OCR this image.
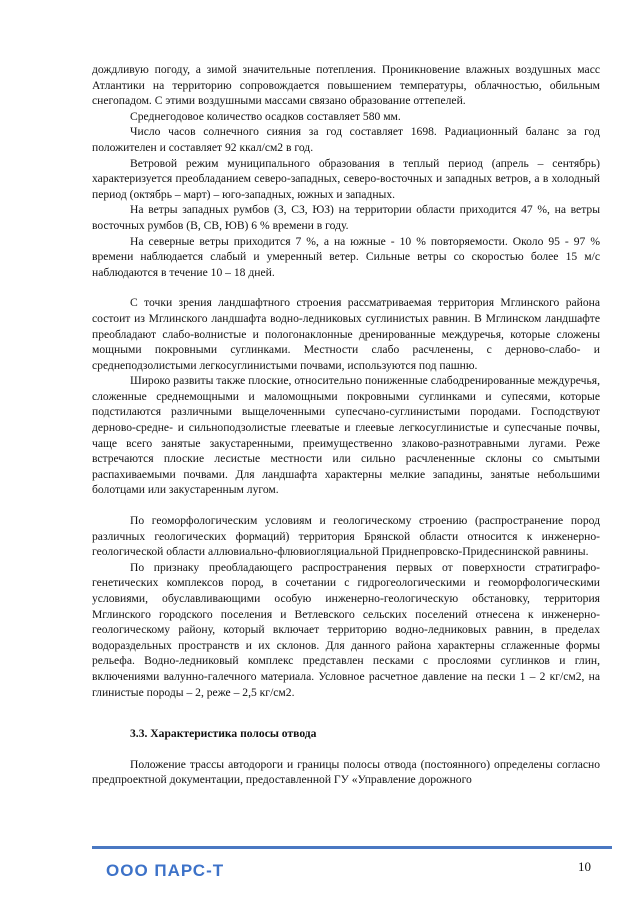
дождливую погоду, а зимой значительные потепления. Проникновение влажных воздушных масс Атлантики на территорию сопровождается повышением температуры, облачностью, обильным снегопадом. С этими воздушными массами связано образование оттепелей.

Среднегодовое количество осадков составляет 580 мм.

Число часов солнечного сияния за год составляет 1698. Радиационный баланс за год положителен и составляет 92 ккал/см2 в год.

Ветровой режим муниципального образования в теплый период (апрель – сентябрь) характеризуется преобладанием северо-западных, северо-восточных и западных ветров, а в холодный период (октябрь – март) – юго-западных, южных и западных.

На ветры западных румбов (З, СЗ, ЮЗ) на территории области приходится 47 %, на ветры восточных румбов (В, СВ, ЮВ) 6 % времени в году.

На северные ветры приходится 7 %, а на южные - 10 % повторяемости. Около 95 - 97 % времени наблюдается слабый и умеренный ветер. Сильные ветры со скоростью более 15 м/с наблюдаются в течение 10 – 18 дней.

С точки зрения ландшафтного строения рассматриваемая территория Мглинского района состоит из Мглинского ландшафта водно-ледниковых суглинистых равнин. В Мглинском ландшафте преобладают слабо-волнистые и пологонаклонные дренированные междуречья, которые сложены мощными покровными суглинками. Местности слабо расчленены, с дерново-слабо- и среднеподзолистыми легкосуглинистыми почвами, используются под пашню.

Широко развиты также плоские, относительно пониженные слабодренированные междуречья, сложенные среднемощными и маломощными покровными суглинками и супесями, которые подстилаются различными выщелоченными супесчано-суглинистыми породами. Господствуют дерново-средне- и сильноподзолистые глееватые и глеевые легкосуглинистые и супесчаные почвы, чаще всего занятые закустаренными, преимущественно злаково-разнотравными лугами. Реже встречаются плоские лесистые местности или сильно расчлененные склоны со смытыми распахиваемыми почвами. Для ландшафта характерны мелкие западины, занятые небольшими болотцами или закустаренным лугом.

По геоморфологическим условиям и геологическому строению (распространение пород различных геологических формаций) территория Брянской области относится к инженерно-геологической области аллювиально-флювиогляциальной Приднепровско-Придеснинской равнины.

По признаку преобладающего распространения первых от поверхности стратиграфо-генетических комплексов пород, в сочетании с гидрогеологическими и геоморфологическими условиями, обуславливающими особую инженерно-геологическую обстановку, территория Мглинского городского поселения и Ветлевского сельских поселений отнесена к инженерно-геологическому району, который включает территорию водно-ледниковых равнин, в пределах водораздельных пространств и их склонов. Для данного района характерны сглаженные формы рельефа. Водно-ледниковый комплекс представлен песками с прослоями суглинков и глин, включениями валунно-галечного материала. Условное расчетное давление на пески 1 – 2 кг/см2, на глинистые породы – 2, реже – 2,5 кг/см2.

3.3. Характеристика полосы отвода

Положение трассы автодороги и границы полосы отвода (постоянного) определены согласно предпроектной документации, предоставленной ГУ «Управление дорожного

ООО ПАРС-Т	10
